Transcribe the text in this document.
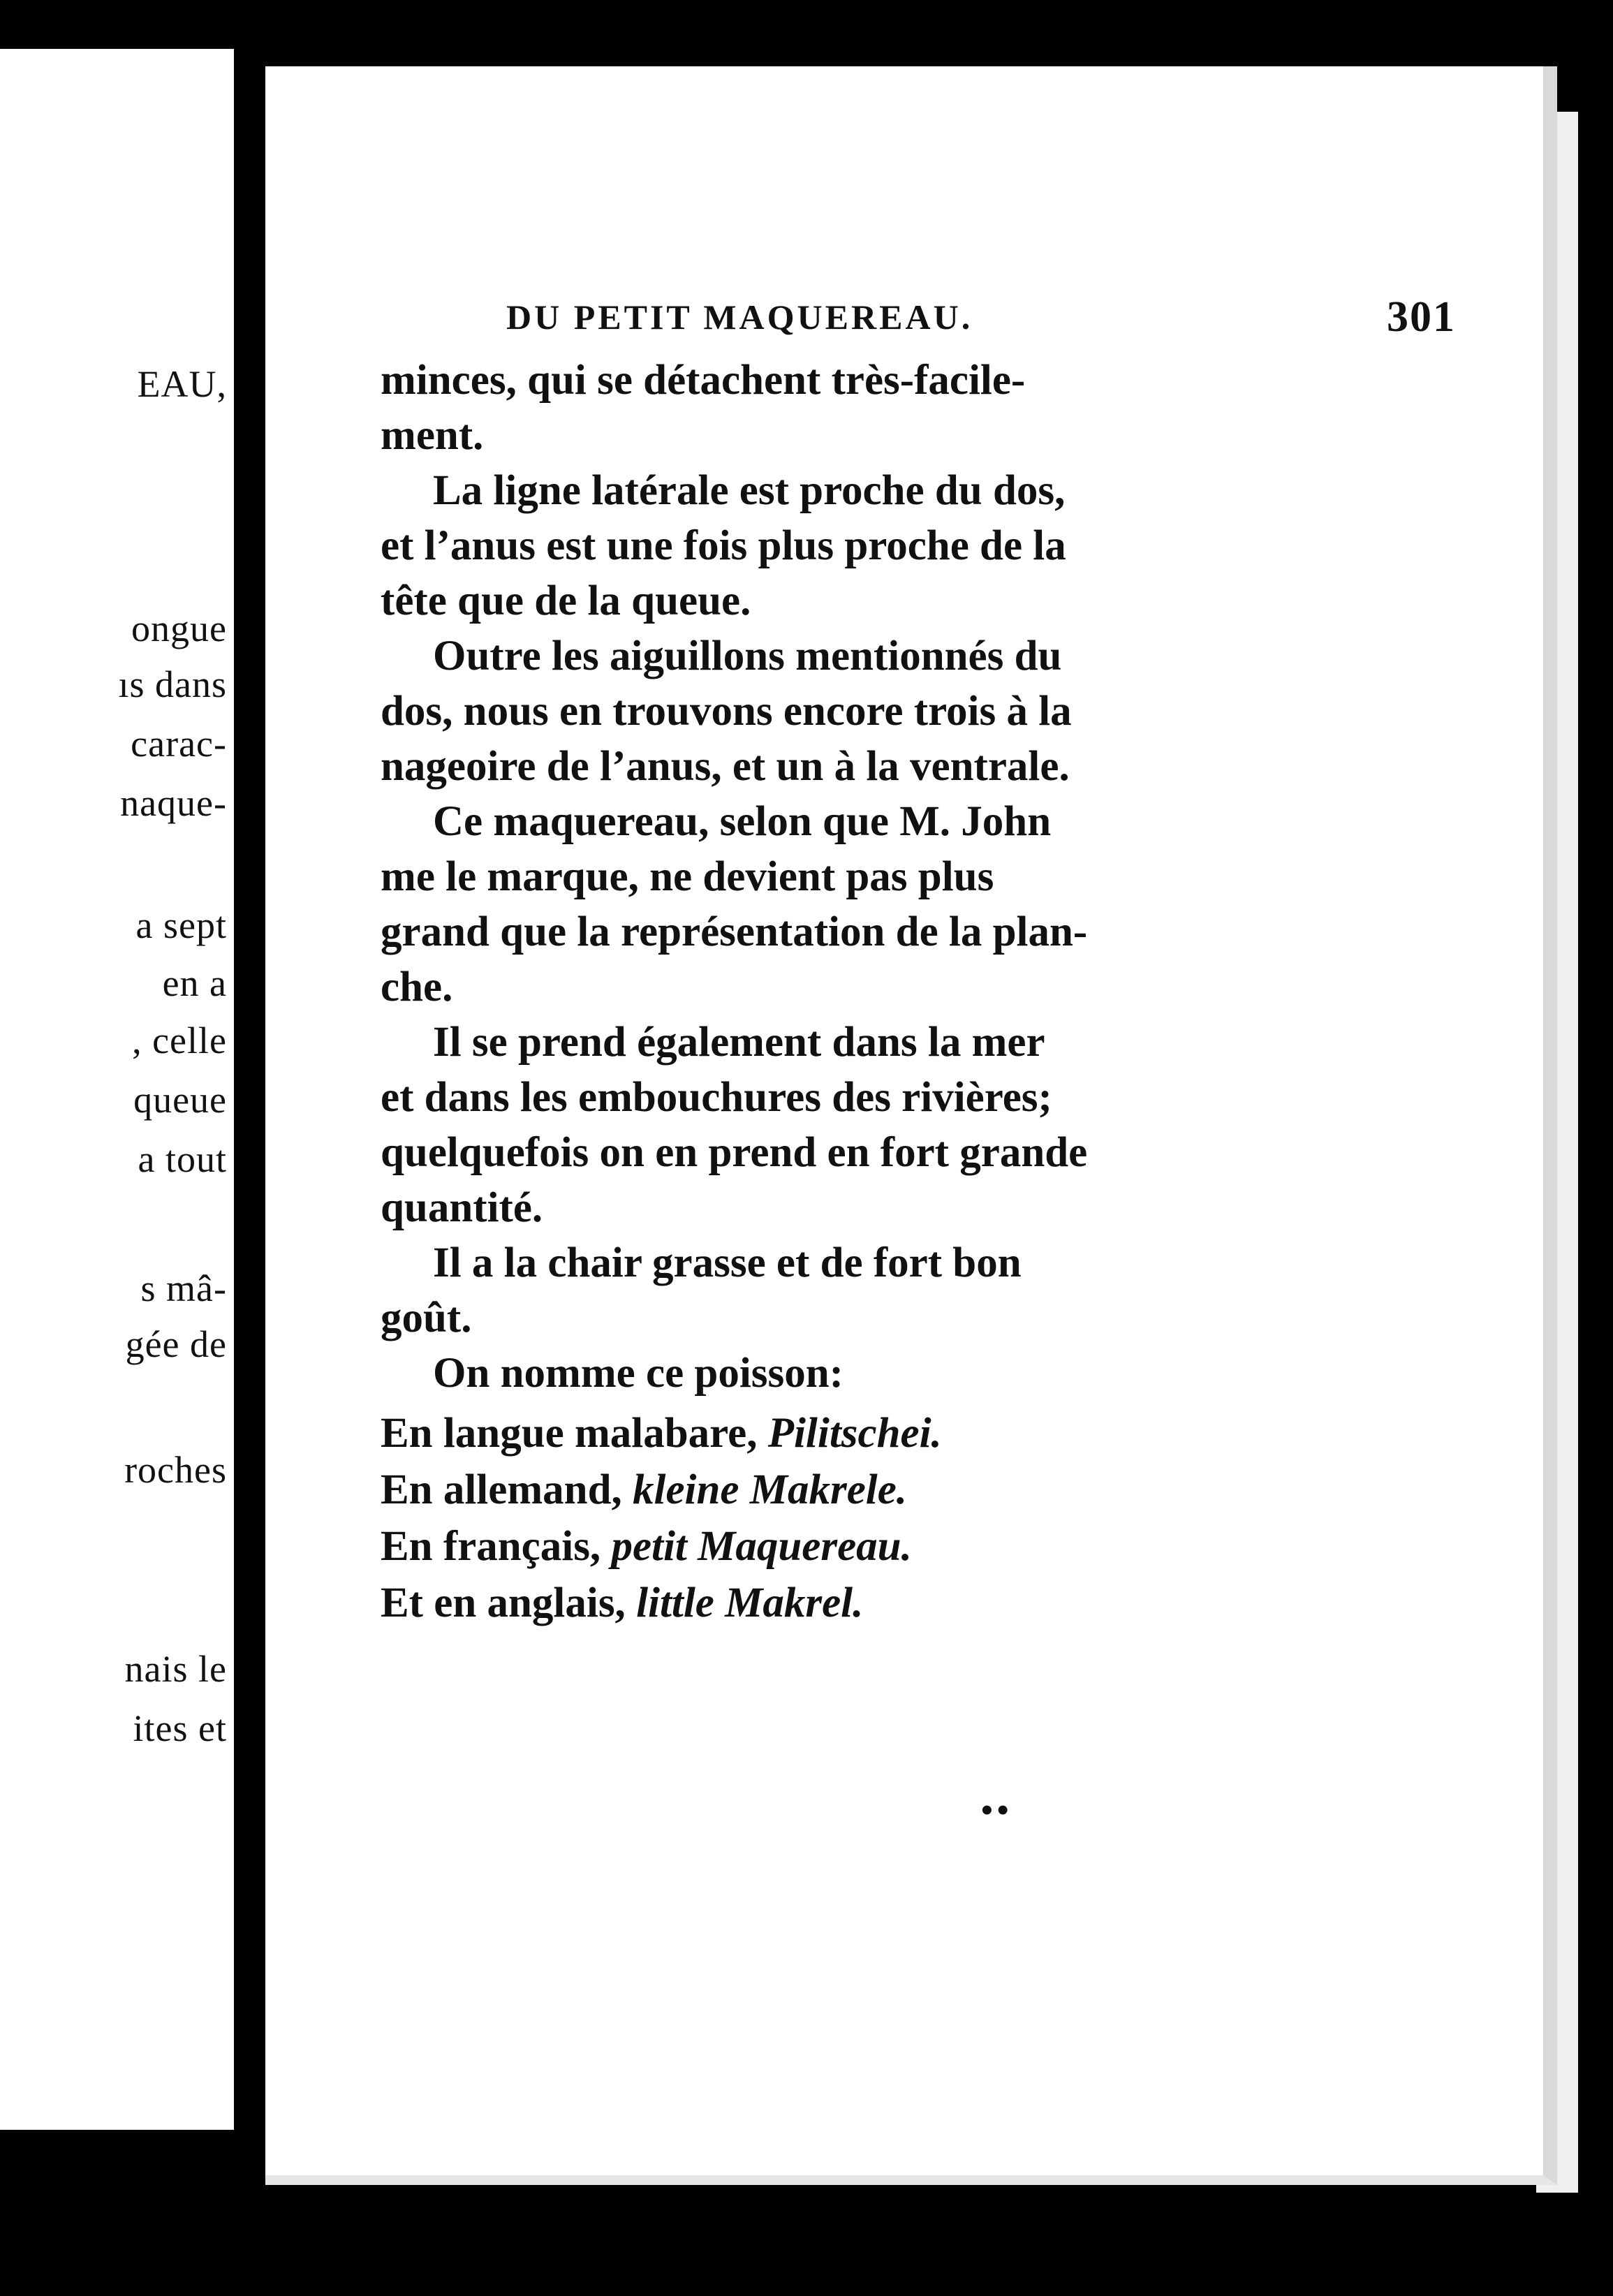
EAU,
ongue
ıs dans
carac-
naque-
a sept
en a
, celle
queue
a tout
s mâ-
gée de
roches
nais le
ites et
DU PETIT MAQUEREAU.	301
minces, qui se détachent très-facile-
ment.
La ligne latérale est proche du dos,
et l’anus est une fois plus proche de la
tête que de la queue.
Outre les aiguillons mentionnés du
dos, nous en trouvons encore trois à la
nageoire de l’anus, et un à la ventrale.
Ce maquereau, selon que M. John
me le marque, ne devient pas plus
grand que la représentation de la plan-
che.
Il se prend également dans la mer
et dans les embouchures des rivières;
quelquefois on en prend en fort grande
quantité.
Il a la chair grasse et de fort bon
goût.
On nomme ce poisson:
En langue malabare, Pilitschei.
En allemand, kleine Makrele.
En français, petit Maquereau.
Et en anglais, little Makrel.
••
